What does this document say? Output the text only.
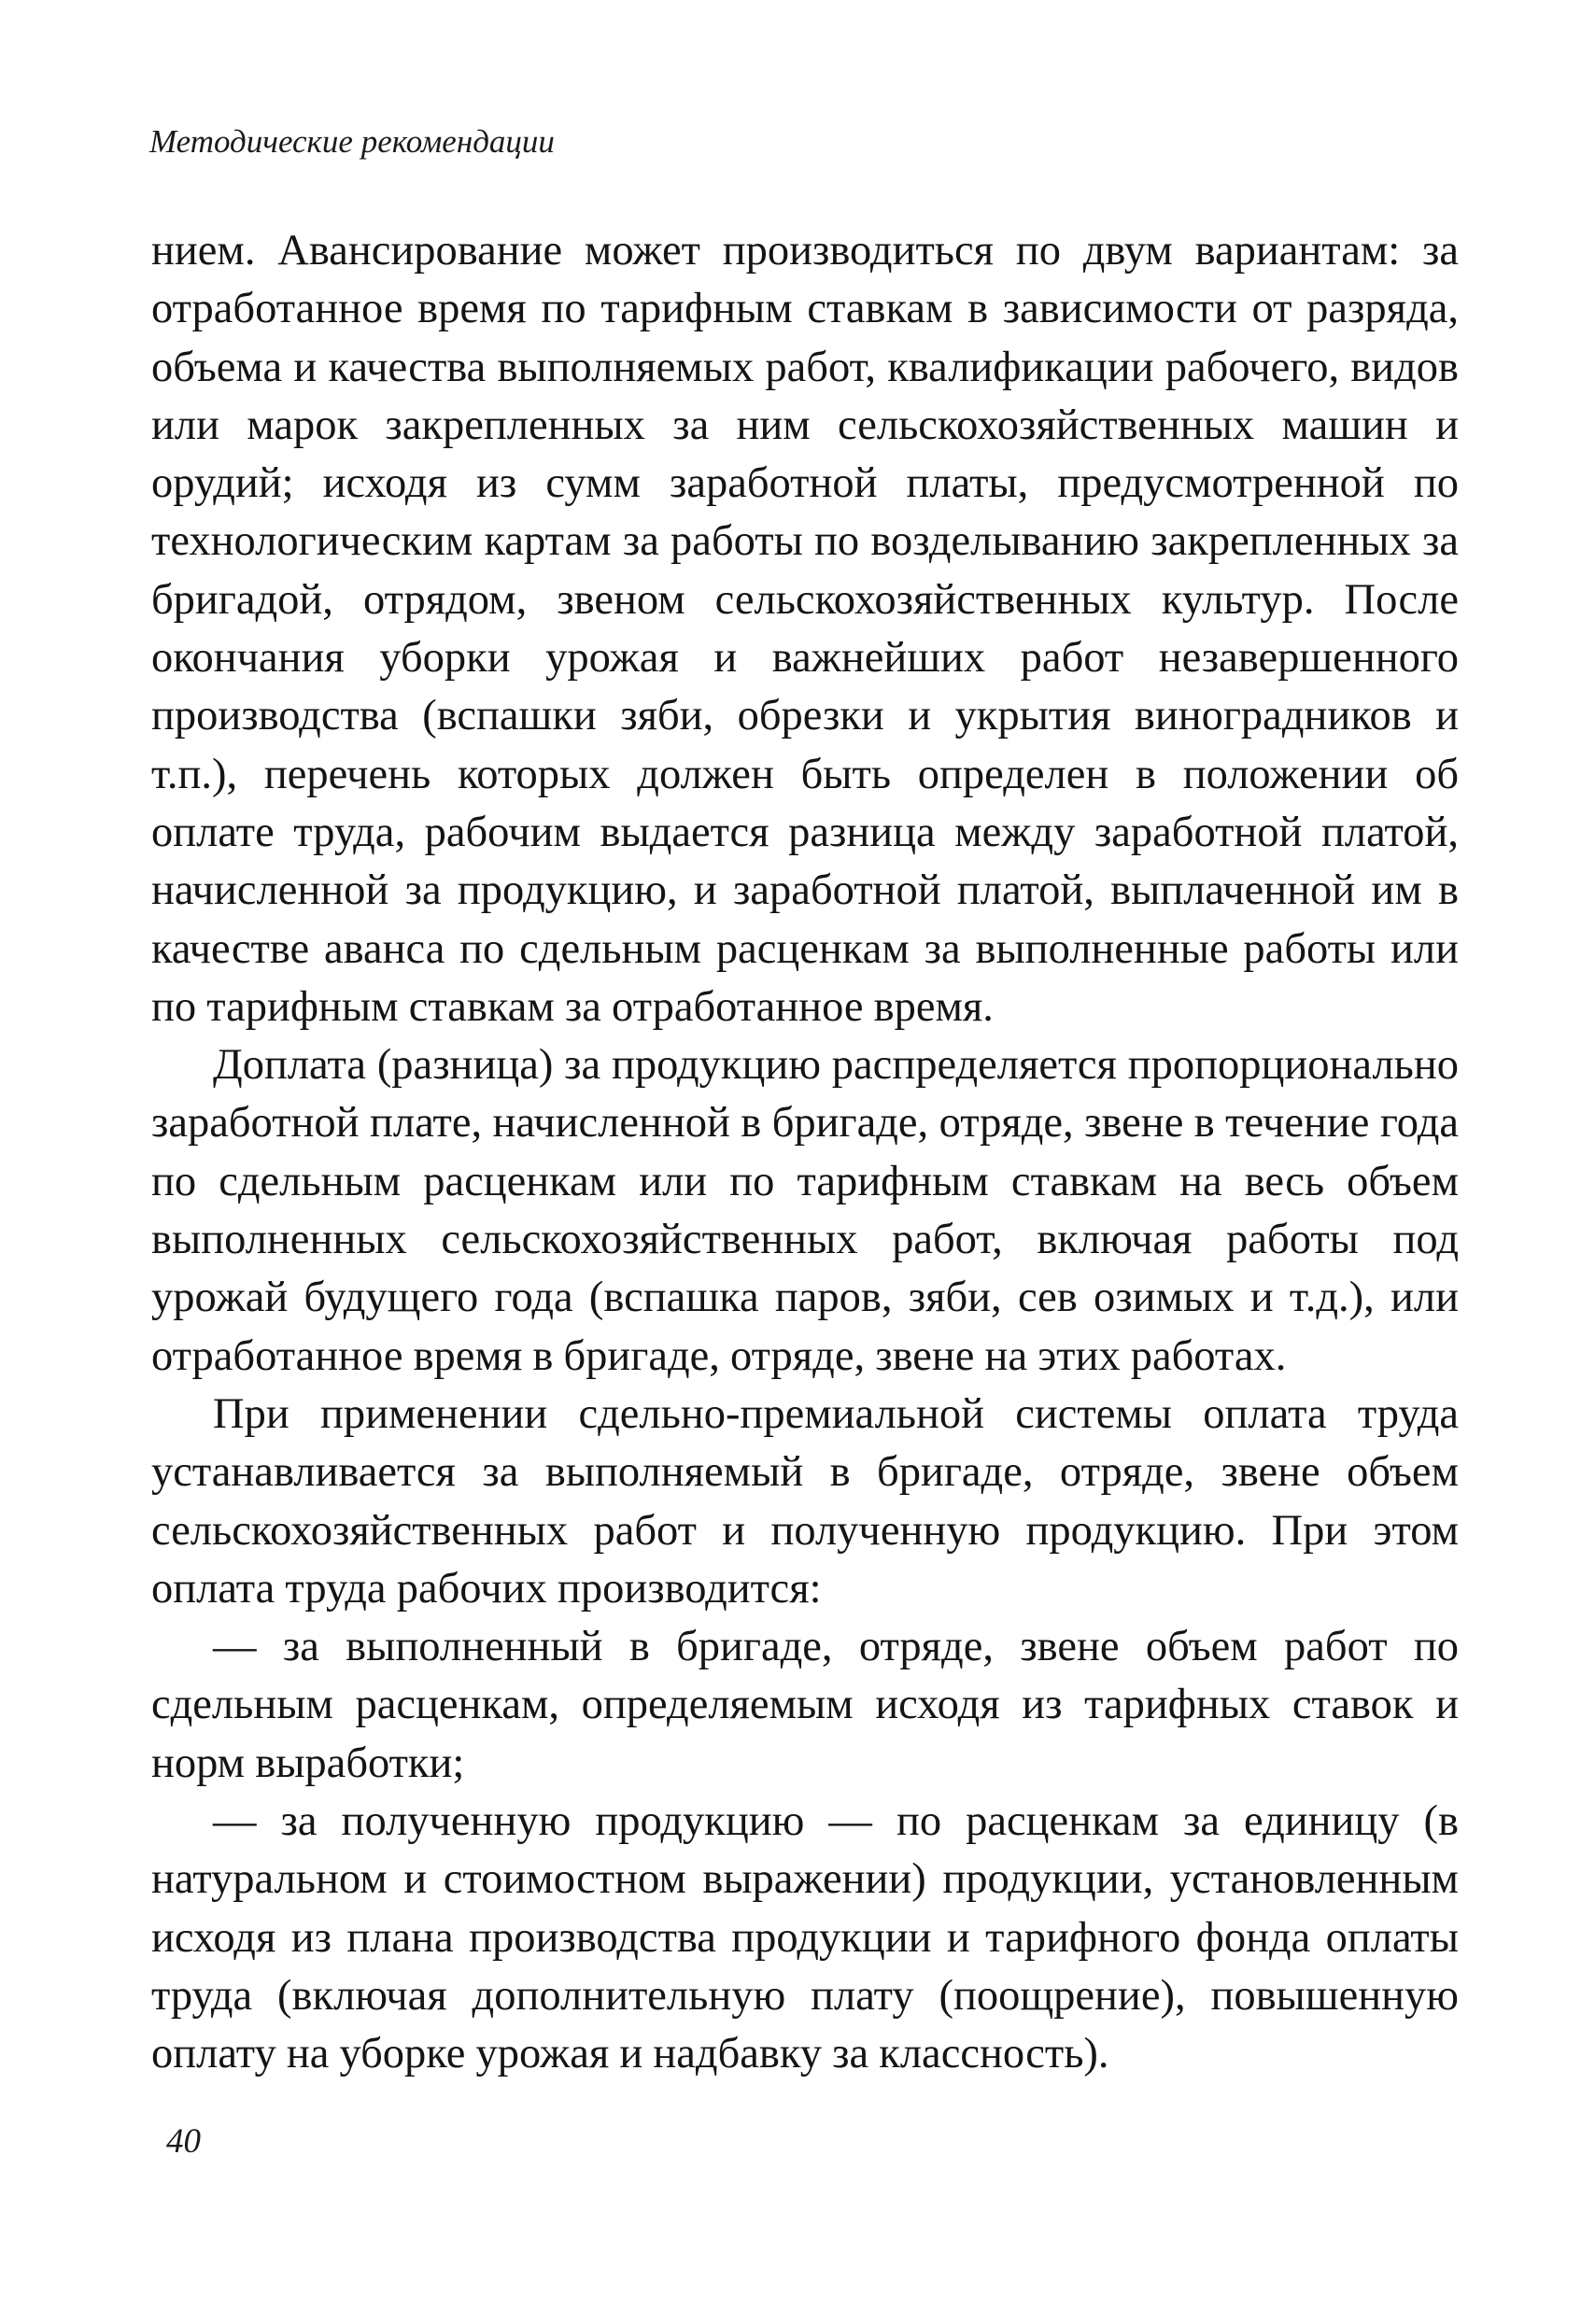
Методические рекомендации

нием. Авансирование может производиться по двум вариантам: за отработанное время по тарифным ставкам в зависимости от разряда, объема и качества выполняемых работ, квалификации рабочего, видов или марок закрепленных за ним сельскохозяйственных машин и орудий; исходя из сумм заработной платы, предусмотренной по технологическим картам за работы по возделыванию закрепленных за бригадой, отрядом, звеном сельскохозяйственных культур. После окончания уборки урожая и важнейших работ незавершенного производства (вспашки зяби, обрезки и укрытия виноградников и т.п.), перечень которых должен быть определен в положении об оплате труда, рабочим выдается разница между заработной платой, начисленной за продукцию, и заработной платой, выплаченной им в качестве аванса по сдельным расценкам за выполненные работы или по тарифным ставкам за отработанное время.

Доплата (разница) за продукцию распределяется пропорционально заработной плате, начисленной в бригаде, отряде, звене в течение года по сдельным расценкам или по тарифным ставкам на весь объем выполненных сельскохозяйственных работ, включая работы под урожай будущего года (вспашка паров, зяби, сев озимых и т.д.), или отработанное время в бригаде, отряде, звене на этих работах.

При применении сдельно-премиальной системы оплата труда устанавливается за выполняемый в бригаде, отряде, звене объем сельскохозяйственных работ и полученную продукцию. При этом оплата труда рабочих производится:

— за выполненный в бригаде, отряде, звене объем работ по сдельным расценкам, определяемым исходя из тарифных ставок и норм выработки;

— за полученную продукцию — по расценкам за единицу (в натуральном и стоимостном выражении) продукции, установленным исходя из плана производства продукции и тарифного фонда оплаты труда (включая дополнительную плату (поощрение), повышенную оплату на уборке урожая и надбавку за классность).

40
